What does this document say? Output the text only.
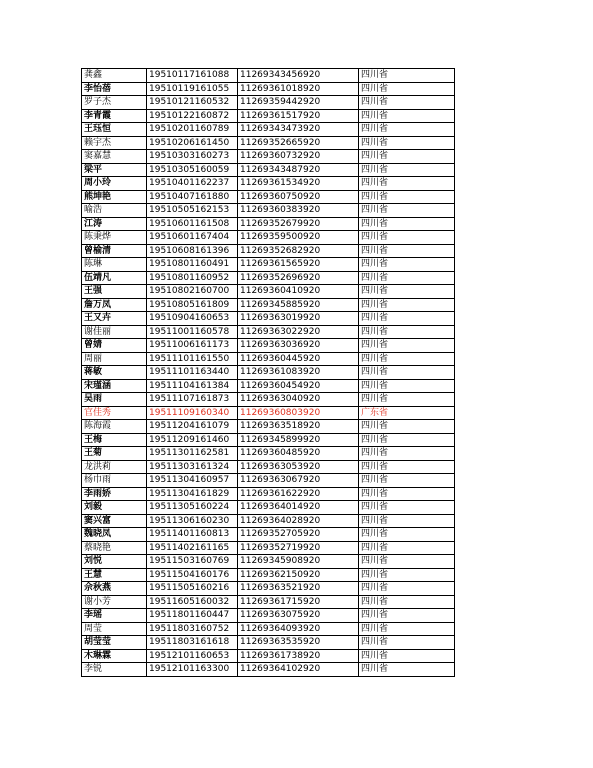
龚鑫	19510117161088	11269343456920	四川省
李怡蓓	19510119161055	11269361018920	四川省
罗子杰	19510121160532	11269359442920	四川省
李青霞	19510122160872	11269361517920	四川省
王珏恒	19510201160789	11269343473920	四川省
赖宇杰	19510206161450	11269352665920	四川省
窦嘉慧	19510303160273	11269360732920	四川省
梁平	19510305160059	11269343487920	四川省
周小玲	19510401162237	11269361534920	四川省
熊坤艳	19510407161880	11269360750920	四川省
喻浩	19510505162153	11269360383920	四川省
江涛	19510601161508	11269352679920	四川省
陈秉烨	19510601167404	11269359500920	四川省
曾榆清	19510608161396	11269352682920	四川省
陈琳	19510801160491	11269361565920	四川省
伍靖凡	19510801160952	11269352696920	四川省
王强	19510802160700	11269360410920	四川省
詹万凤	19510805161809	11269345885920	四川省
王又卉	19510904160653	11269363019920	四川省
谢佳丽	19511001160578	11269363022920	四川省
曾婧	19511006161173	11269363036920	四川省
周丽	19511101161550	11269360445920	四川省
蒋敏	19511101163440	11269361083920	四川省
宋瑾涵	19511104161384	11269360454920	四川省
吴雨	19511107161873	11269363040920	四川省
官佳秀	19511109160340	11269360803920	广东省
陈海霞	19511204161079	11269363518920	四川省
王梅	19511209161460	11269345899920	四川省
王菊	19511301162581	11269360485920	四川省
龙洪莉	19511303161324	11269363053920	四川省
杨巾雨	19511304160957	11269363067920	四川省
李雨娇	19511304161829	11269361622920	四川省
刘毅	19511305160224	11269364014920	四川省
窦兴富	19511306160230	11269364028920	四川省
魏晓凤	19511401160813	11269352705920	四川省
蔡晓艳	19511402161165	11269352719920	四川省
刘悦	19511503160769	11269345908920	四川省
王慧	19511504160176	11269362150920	四川省
佘秋燕	19511505160216	11269363521920	四川省
谢小芳	19511605160032	11269361715920	四川省
李瑶	19511801160447	11269363075920	四川省
周莹	19511803160752	11269364093920	四川省
胡莹莹	19511803161618	11269363535920	四川省
木琳霖	19512101160653	11269361738920	四川省
李锐	19512101163300	11269364102920	四川省
